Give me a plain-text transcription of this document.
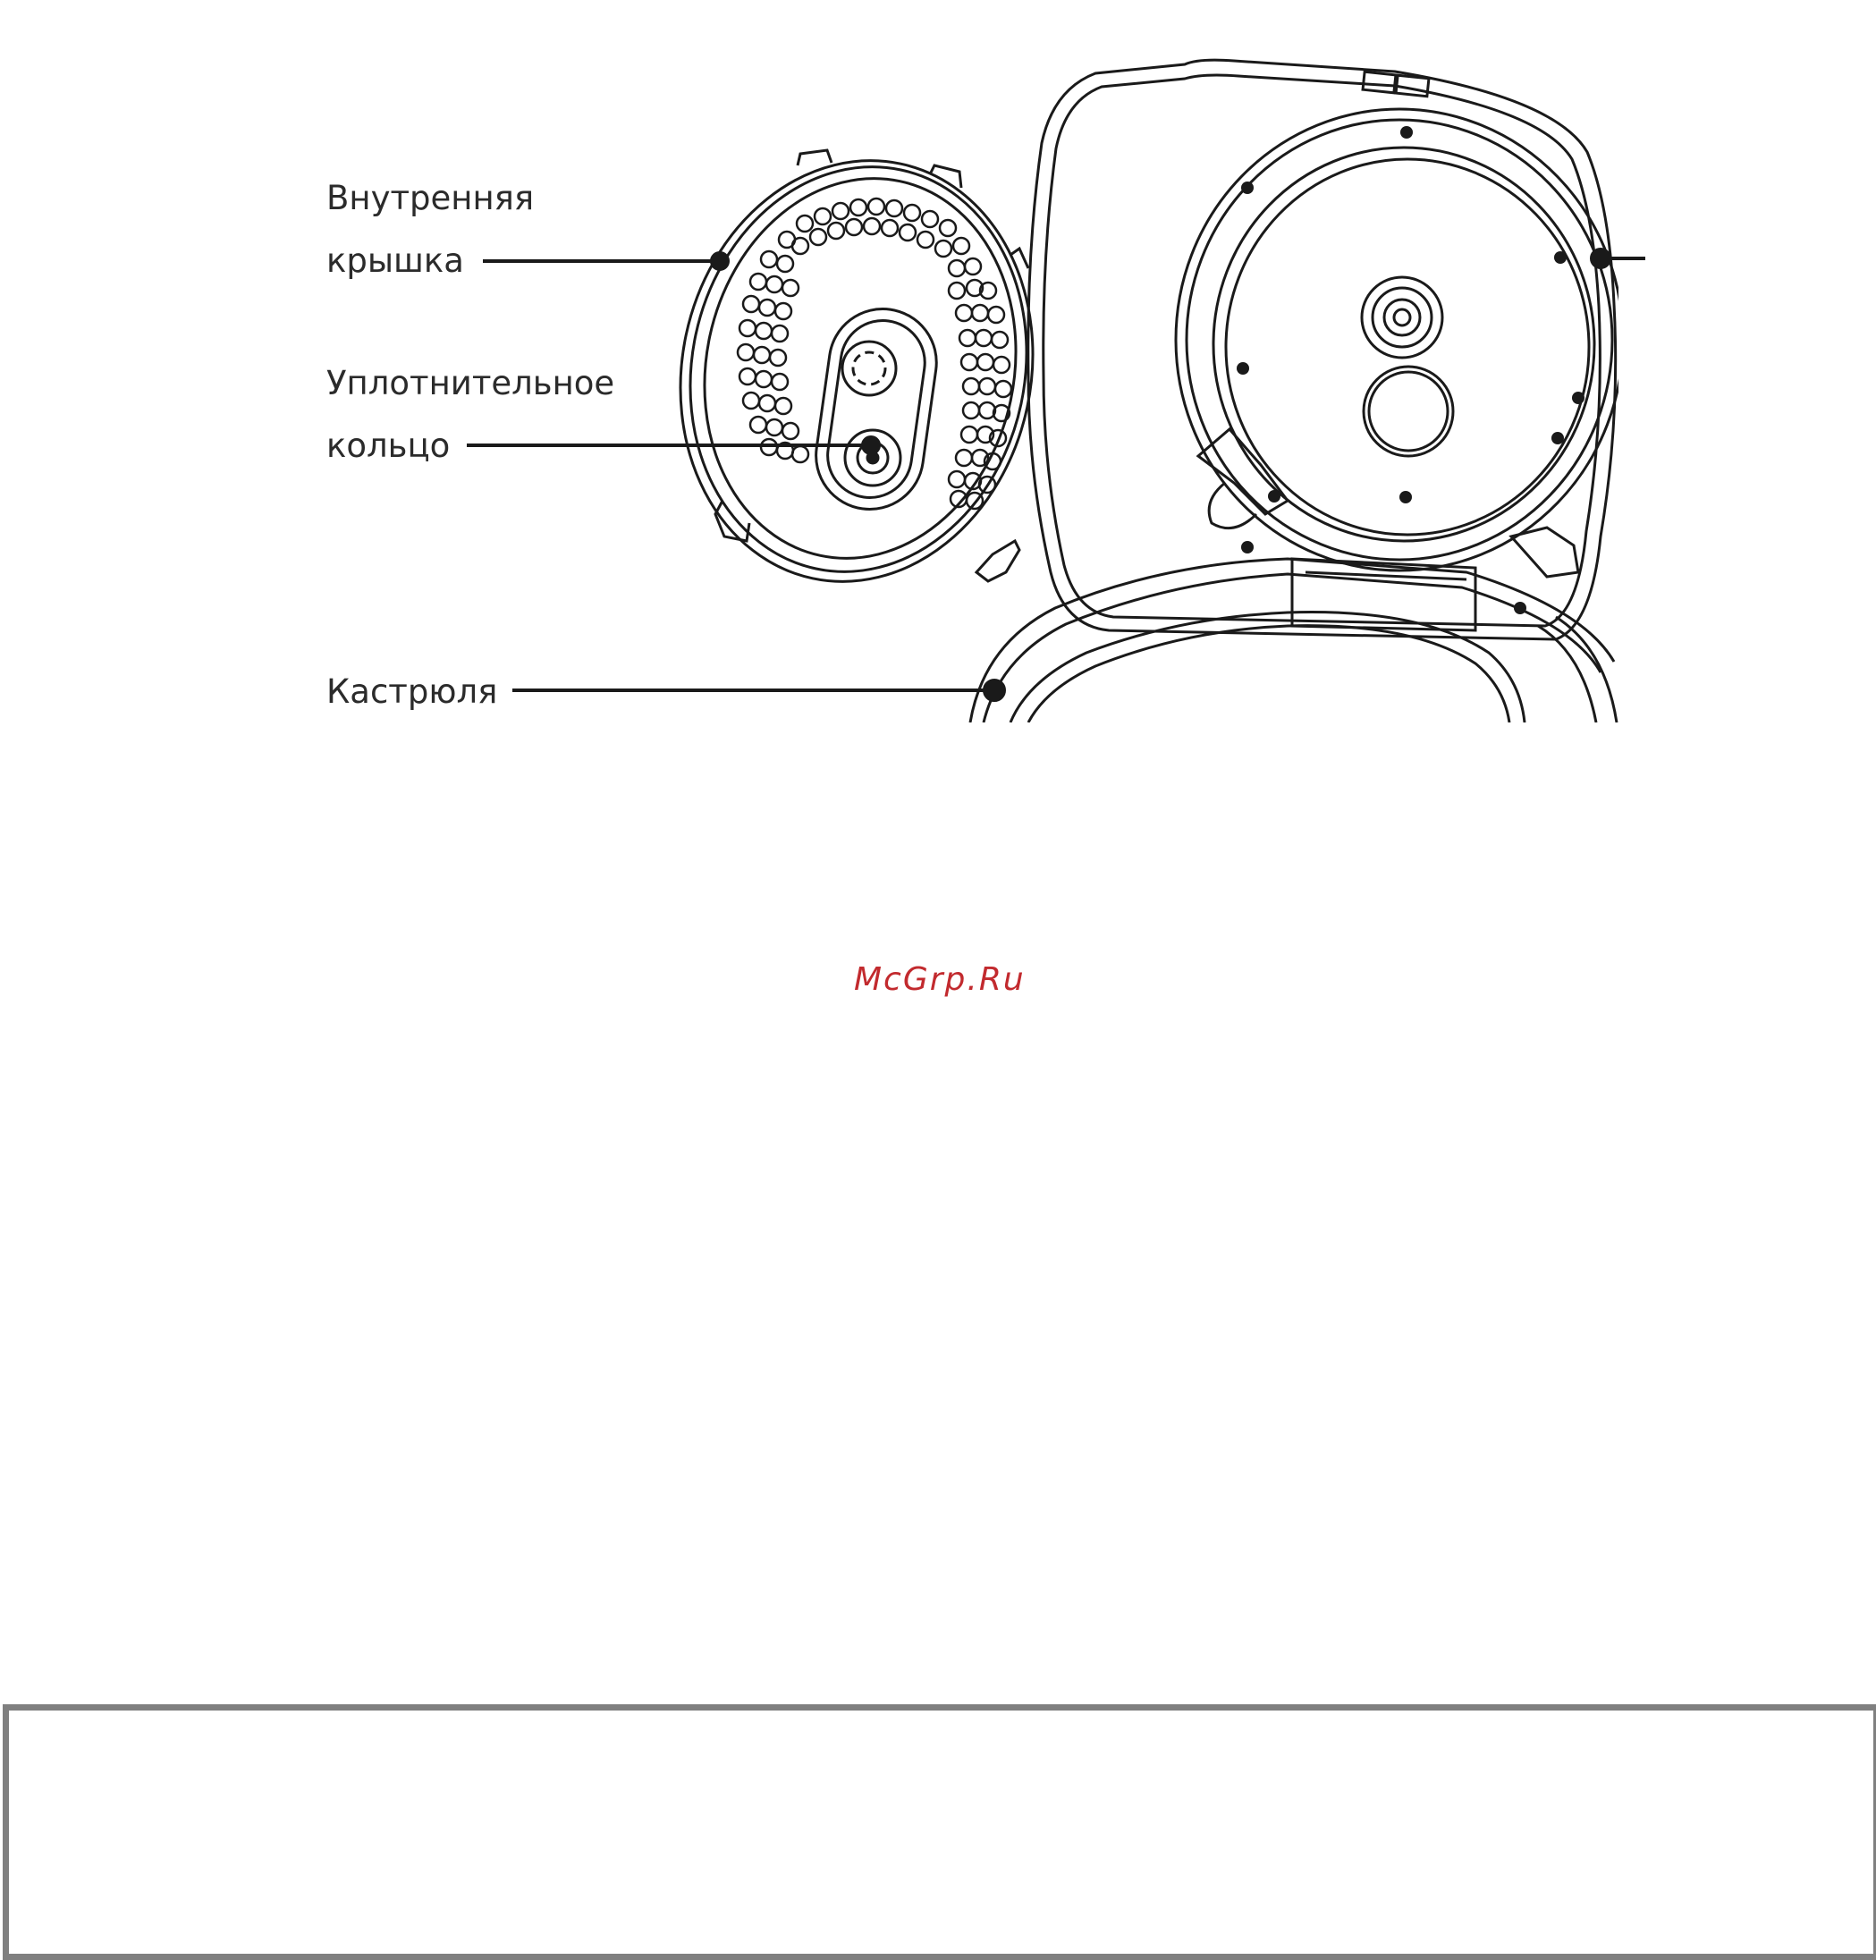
Внутренняя
крышка
Уплотнительное
кольцо
Кастрюля
McGrp.Ru
